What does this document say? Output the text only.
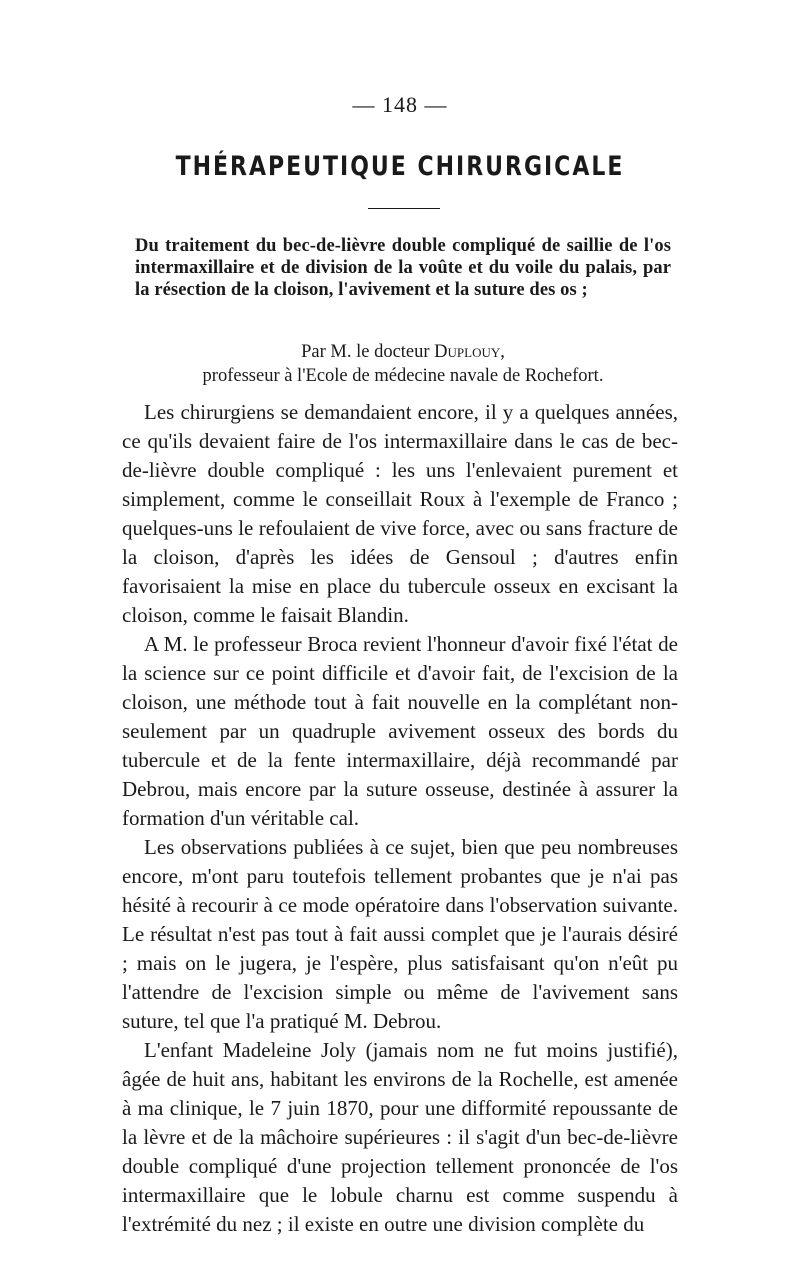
— 148 —
THÉRAPEUTIQUE CHIRURGICALE
Du traitement du bec-de-lièvre double compliqué de saillie de l'os intermaxillaire et de division de la voûte et du voile du palais, par la résection de la cloison, l'avivement et la suture des os ;
Par M. le docteur Duplouy,
professeur à l'Ecole de médecine navale de Rochefort.

Les chirurgiens se demandaient encore, il y a quelques années, ce qu'ils devaient faire de l'os intermaxillaire dans le cas de bec-de-lièvre double compliqué : les uns l'enlevaient purement et simplement, comme le conseillait Roux à l'exemple de Franco ; quelques-uns le refoulaient de vive force, avec ou sans fracture de la cloison, d'après les idées de Gensoul ; d'autres enfin favorisaient la mise en place du tubercule osseux en excisant la cloison, comme le faisait Blandin.

A M. le professeur Broca revient l'honneur d'avoir fixé l'état de la science sur ce point difficile et d'avoir fait, de l'excision de la cloison, une méthode tout à fait nouvelle en la complétant non-seulement par un quadruple avivement osseux des bords du tubercule et de la fente intermaxillaire, déjà recommandé par Debrou, mais encore par la suture osseuse, destinée à assurer la formation d'un véritable cal.

Les observations publiées à ce sujet, bien que peu nombreuses encore, m'ont paru toutefois tellement probantes que je n'ai pas hésité à recourir à ce mode opératoire dans l'observation suivante. Le résultat n'est pas tout à fait aussi complet que je l'aurais désiré ; mais on le jugera, je l'espère, plus satisfaisant qu'on n'eût pu l'attendre de l'excision simple ou même de l'avivement sans suture, tel que l'a pratiqué M. Debrou.

L'enfant Madeleine Joly (jamais nom ne fut moins justifié), âgée de huit ans, habitant les environs de la Rochelle, est amenée à ma clinique, le 7 juin 1870, pour une difformité repoussante de la lèvre et de la mâchoire supérieures : il s'agit d'un bec-de-lièvre double compliqué d'une projection tellement prononcée de l'os intermaxillaire que le lobule charnu est comme suspendu à l'extrémité du nez ; il existe en outre une division complète du
